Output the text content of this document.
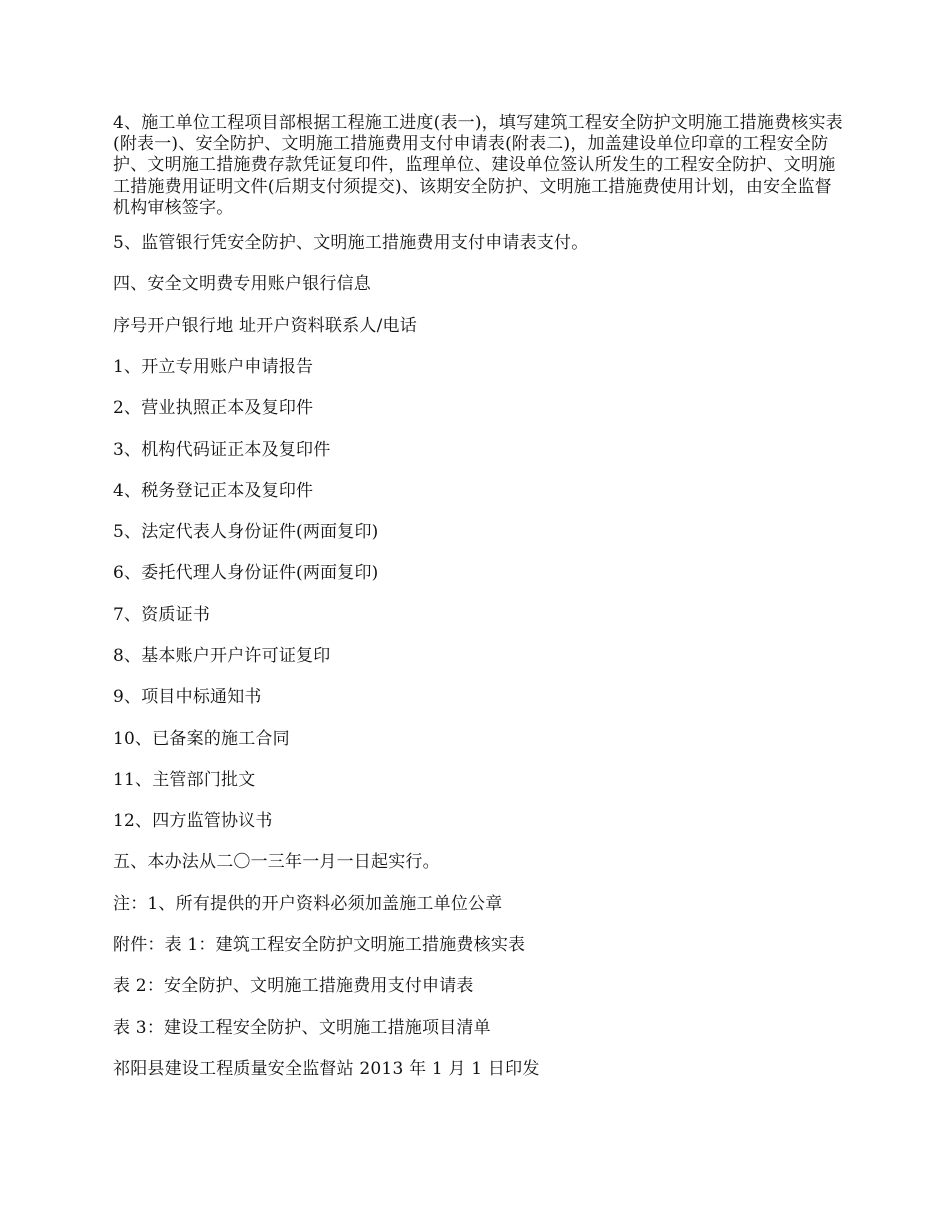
4、施工单位工程项目部根据工程施工进度(表一)，填写建筑工程安全防护文明施工措施费核实表(附表一)、安全防护、文明施工措施费用支付申请表(附表二)，加盖建设单位印章的工程安全防护、文明施工措施费存款凭证复印件，监理单位、建设单位签认所发生的工程安全防护、文明施工措施费用证明文件(后期支付须提交)、该期安全防护、文明施工措施费使用计划，由安全监督机构审核签字。

5、监管银行凭安全防护、文明施工措施费用支付申请表支付。
四、安全文明费专用账户银行信息
序号开户银行地 址开户资料联系人/电话
1、开立专用账户申请报告
2、营业执照正本及复印件
3、机构代码证正本及复印件
4、税务登记正本及复印件
5、法定代表人身份证件(两面复印)
6、委托代理人身份证件(两面复印)
7、资质证书
8、基本账户开户许可证复印
9、项目中标通知书
10、已备案的施工合同
11、主管部门批文
12、四方监管协议书
五、本办法从二〇一三年一月一日起实行。
注：1、所有提供的开户资料必须加盖施工单位公章
附件：表 1：建筑工程安全防护文明施工措施费核实表
表 2：安全防护、文明施工措施费用支付申请表
表 3：建设工程安全防护、文明施工措施项目清单
祁阳县建设工程质量安全监督站 2013 年 1 月 1 日印发
